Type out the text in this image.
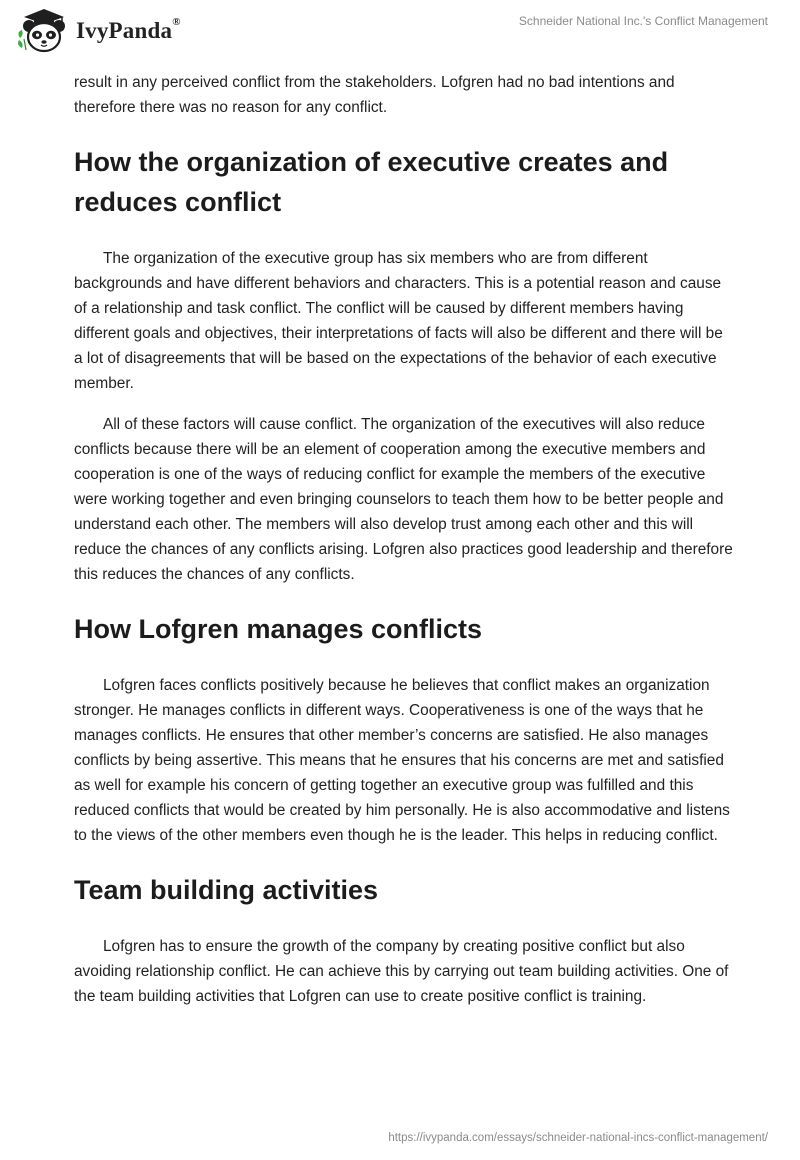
IvyPanda®	Schneider National Inc.'s Conflict Management

result in any perceived conflict from the stakeholders. Lofgren had no bad intentions and therefore there was no reason for any conflict.

How the organization of executive creates and reduces conflict

The organization of the executive group has six members who are from different backgrounds and have different behaviors and characters. This is a potential reason and cause of a relationship and task conflict. The conflict will be caused by different members having different goals and objectives, their interpretations of facts will also be different and there will be a lot of disagreements that will be based on the expectations of the behavior of each executive member.

All of these factors will cause conflict. The organization of the executives will also reduce conflicts because there will be an element of cooperation among the executive members and cooperation is one of the ways of reducing conflict for example the members of the executive were working together and even bringing counselors to teach them how to be better people and understand each other. The members will also develop trust among each other and this will reduce the chances of any conflicts arising. Lofgren also practices good leadership and therefore this reduces the chances of any conflicts.

How Lofgren manages conflicts

Lofgren faces conflicts positively because he believes that conflict makes an organization stronger. He manages conflicts in different ways. Cooperativeness is one of the ways that he manages conflicts. He ensures that other member’s concerns are satisfied. He also manages conflicts by being assertive. This means that he ensures that his concerns are met and satisfied as well for example his concern of getting together an executive group was fulfilled and this reduced conflicts that would be created by him personally. He is also accommodative and listens to the views of the other members even though he is the leader. This helps in reducing conflict.

Team building activities

Lofgren has to ensure the growth of the company by creating positive conflict but also avoiding relationship conflict. He can achieve this by carrying out team building activities. One of the team building activities that Lofgren can use to create positive conflict is training.

https://ivypanda.com/essays/schneider-national-incs-conflict-management/
